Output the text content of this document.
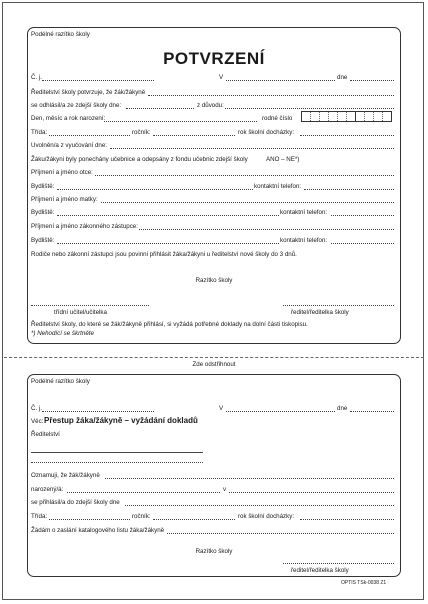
Podélné razítko školy
POTVRZENÍ
Č. j.	V	dne
Ředitelství školy potvrzuje, že žák/žákyně
se odhlásil/a ze zdejší školy dne:	z důvodu:
Den, měsíc a rok narození:	rodné číslo
Třída:	ročník:	rok školní docházky:
Uvolněn/a z vyučování dne:
Žáku/žákyni byly ponechány učebnice a odepsány z fondu učebnic zdejší školy	ANO – NE*)
Příjmení a jméno otce:
Bydliště:	kontaktní telefon:
Příjmení a jméno matky:
Bydliště:	kontaktní telefon:
Příjmení a jméno zákonného zástupce:
Bydliště:	kontaktní telefon:
Rodiče nebo zákonní zástupci jsou povinni přihlásit žáka/žákyni u ředitelství nové školy do 3 dnů.
Razítko školy
třídní učitel/učitelka	ředitel/ředitelka školy
Ředitelství školy, do které se žák/žákyně přihlásí, si vyžádá potřebné doklady na dolní části tiskopisu.
*) Nehodící se škrtněte
Zde odstřihnout
Podélné razítko školy
Č. j.	V	dne
Věc: Přestup žáka/žákyně – vyžádání dokladů
Ředitelství
Oznamuji, že žák/žákyně
narozený/á:	v
se přihlásil/a do zdejší školy dne
Třída:	ročník:	rok školní docházky:
Žádám o zaslání katalogového listu žáka/žákyně
Razítko školy
ředitel/ředitelka školy
OPTIS TSk-0038 Z1
